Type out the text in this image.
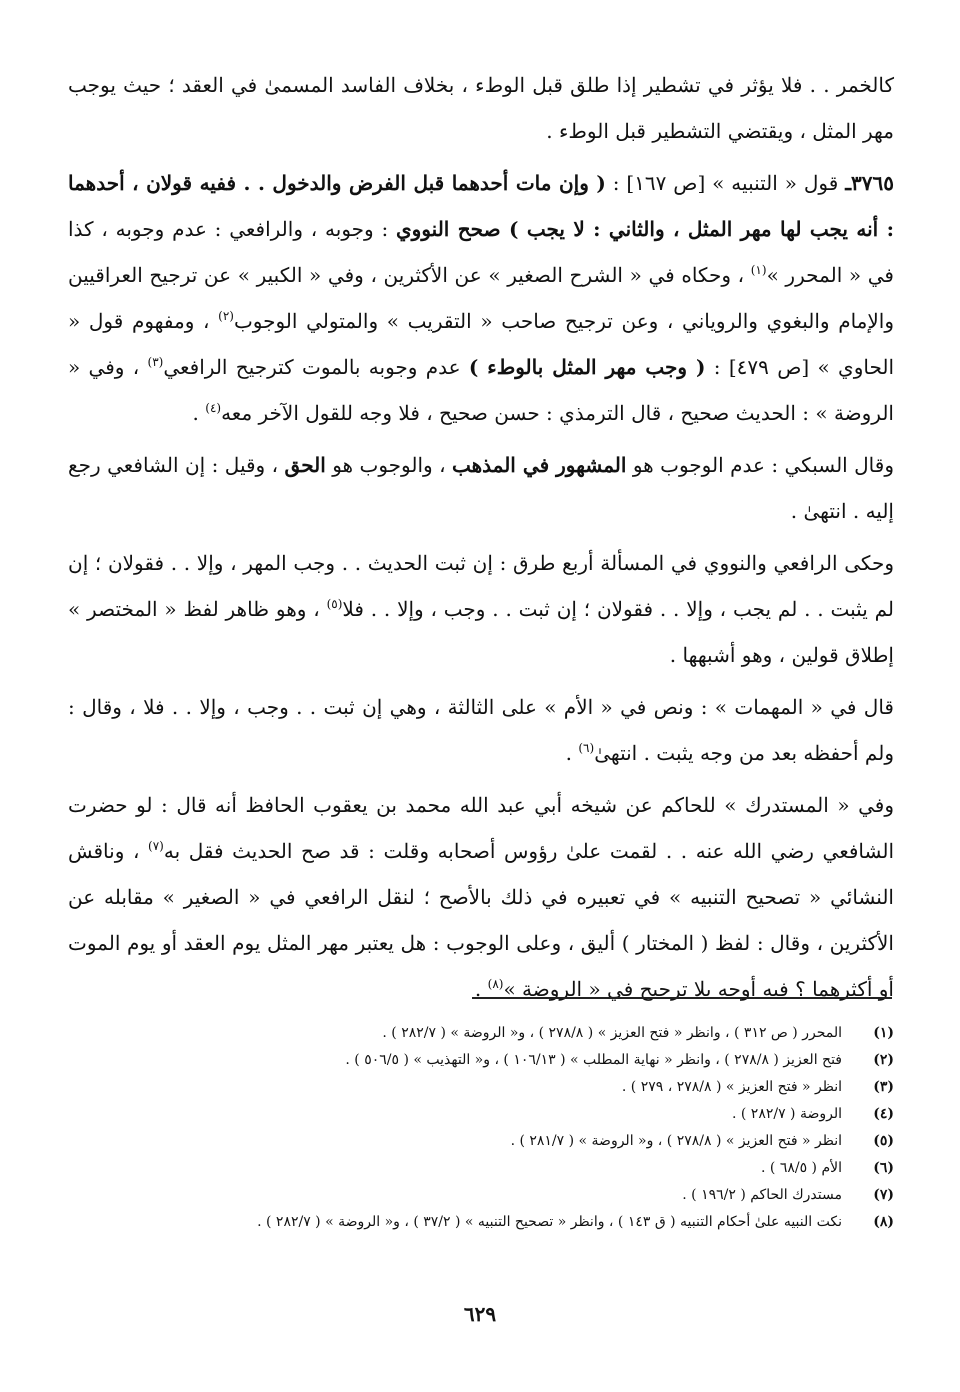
كالخمر . . فلا يؤثر في تشطير إذا طلق قبل الوطء ، بخلاف الفاسد المسمىٰ في العقد ؛ حيث يوجب مهر المثل ، ويقتضي التشطير قبل الوطء .

٣٧٦٥ـ قول « التنبيه » [ص ١٦٧] : ( وإن مات أحدهما قبل الفرض والدخول . . ففيه قولان ، أحدهما : أنه يجب لها مهر المثل ، والثاني : لا يجب ) صحح النووي : وجوبه ، والرافعي : عدم وجوبه ، كذا في « المحرر »$^{(١)}$ ، وحكاه في « الشرح الصغير » عن الأكثرين ، وفي « الكبير » عن ترجيح العراقيين والإمام والبغوي والروياني ، وعن ترجيح صاحب « التقريب » والمتولي الوجوب$^{(٢)}$ ، ومفهوم قول « الحاوي » [ص ٤٧٩] : ( وجب مهر المثل بالوطء ) عدم وجوبه بالموت كترجيح الرافعي$^{(٣)}$ ، وفي « الروضة » : الحديث صحيح ، قال الترمذي : حسن صحيح ، فلا وجه للقول الآخر معه$^{(٤)}$ .

وقال السبكي : عدم الوجوب هو المشهور في المذهب ، والوجوب هو الحق ، وقيل : إن الشافعي رجع إليه . انتهىٰ .

وحكى الرافعي والنووي في المسألة أربع طرق : إن ثبت الحديث . . وجب المهر ، وإلا . . فقولان ؛ إن لم يثبت . . لم يجب ، وإلا . . فقولان ؛ إن ثبت . . وجب ، وإلا . . فلا$^{(٥)}$ ، وهو ظاهر لفظ « المختصر » إطلاق قولين ، وهو أشبهها .

قال في « المهمات » : ونص في « الأم » على الثالثة ، وهي إن ثبت . . وجب ، وإلا . . فلا ، وقال : ولم أحفظه بعد من وجه يثبت . انتهىٰ$^{(٦)}$ .

وفي « المستدرك » للحاكم عن شيخه أبي عبد الله محمد بن يعقوب الحافظ أنه قال : لو حضرت الشافعي رضي الله عنه . . لقمت علىٰ رؤوس أصحابه وقلت : قد صح الحديث فقل به$^{(٧)}$ ، وناقش النشائي « تصحيح التنبيه » في تعبيره في ذلك بالأصح ؛ لنقل الرافعي في « الصغير » مقابله عن الأكثرين ، وقال : لفظ ( المختار ) أليق ، وعلى الوجوب : هل يعتبر مهر المثل يوم العقد أو يوم الموت أو أكثرهما ؟ فيه أوجه بلا ترجيح في « الروضة »$^{(٨)}$ .

(١)
المحرر ( ص ٣١٢ ) ، وانظر « فتح العزيز » ( ٢٧٨/٨ ) ، و« الروضة » ( ٢٨٢/٧ ) .
(٢)
فتح العزيز ( ٢٧٨/٨ ) ، وانظر « نهاية المطلب » ( ١٠٦/١٣ ) ، و« التهذيب » ( ٥٠٦/٥ ) .
(٣)
انظر « فتح العزيز » ( ٢٧٨/٨ ، ٢٧٩ ) .
(٤)
الروضة ( ٢٨٢/٧ ) .
(٥)
انظر « فتح العزيز » ( ٢٧٨/٨ ) ، و« الروضة » ( ٢٨١/٧ ) .
(٦)
الأم ( ٦٨/٥ ) .
(٧)
مستدرك الحاكم ( ١٩٦/٢ ) .
(٨)
نكت النبيه علىٰ أحكام التنبيه ( ق ١٤٣ ) ، وانظر « تصحيح التنبيه » ( ٣٧/٢ ) ، و« الروضة » ( ٢٨٢/٧ ) .
٦٢٩
